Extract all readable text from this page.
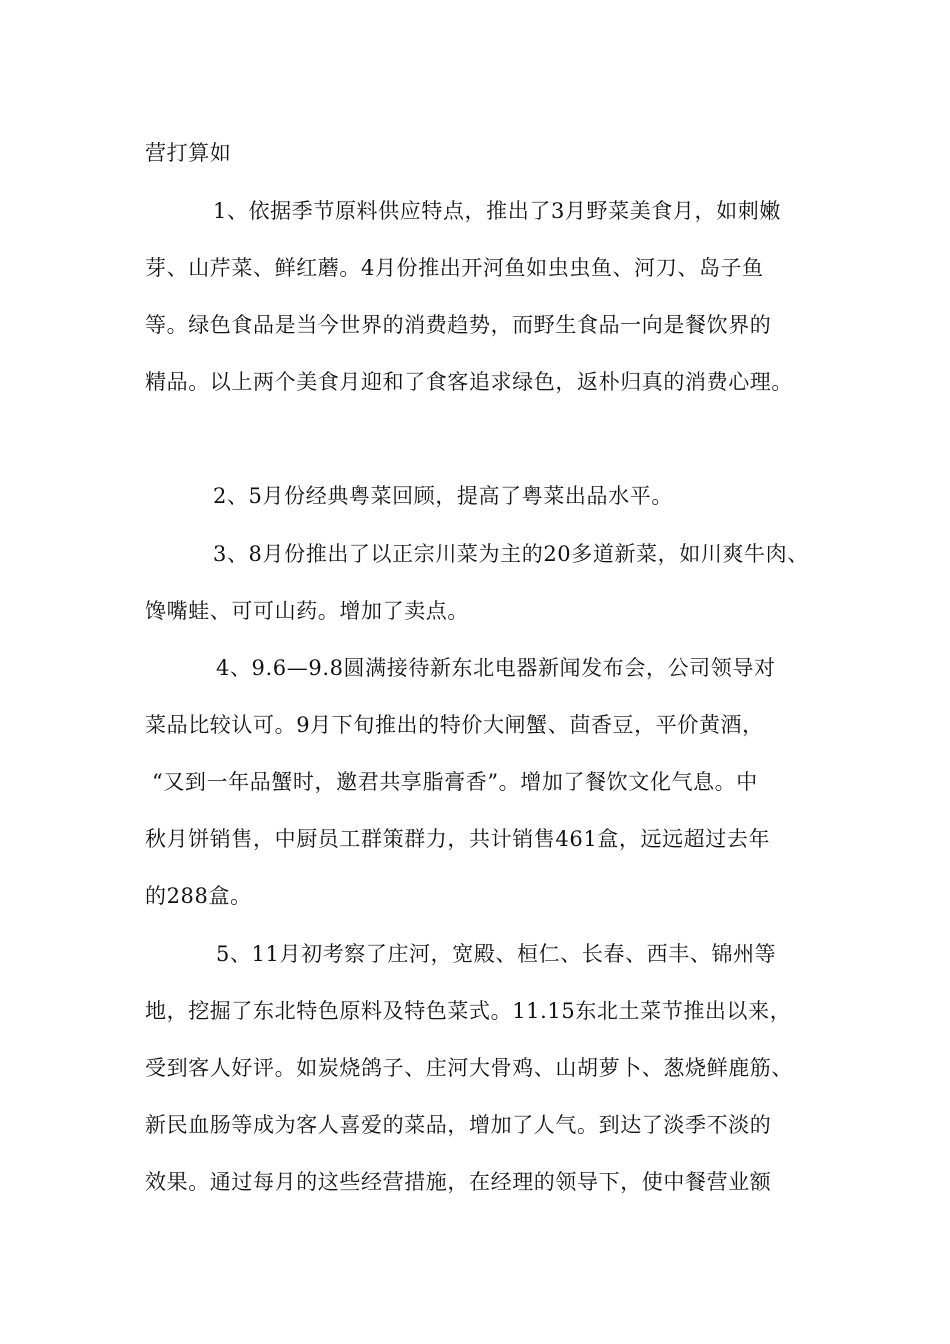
营打算如

1、依据季节原料供应特点，推出了3月野菜美食月，如刺嫩

芽、山芹菜、鲜红蘑。4月份推出开河鱼如虫虫鱼、河刀、岛子鱼

等。绿色食品是当今世界的消费趋势，而野生食品一向是餐饮界的

精品。以上两个美食月迎和了食客追求绿色，返朴归真的消费心理。

2、5月份经典粤菜回顾，提高了粤菜出品水平。

3、8月份推出了以正宗川菜为主的20多道新菜，如川爽牛肉、

馋嘴蛙、可可山药。增加了卖点。

4、9.6—9.8圆满接待新东北电器新闻发布会，公司领导对

菜品比较认可。9月下旬推出的特价大闸蟹、茴香豆，平价黄酒，

“又到一年品蟹时，邀君共享脂膏香”。增加了餐饮文化气息。中

秋月饼销售，中厨员工群策群力，共计销售461盒，远远超过去年

的288盒。

5、11月初考察了庄河，宽殿、桓仁、长春、西丰、锦州等

地，挖掘了东北特色原料及特色菜式。11.15东北土菜节推出以来，

受到客人好评。如炭烧鸽子、庄河大骨鸡、山胡萝卜、葱烧鲜鹿筋、

新民血肠等成为客人喜爱的菜品，增加了人气。到达了淡季不淡的

效果。通过每月的这些经营措施，在经理的领导下，使中餐营业额
